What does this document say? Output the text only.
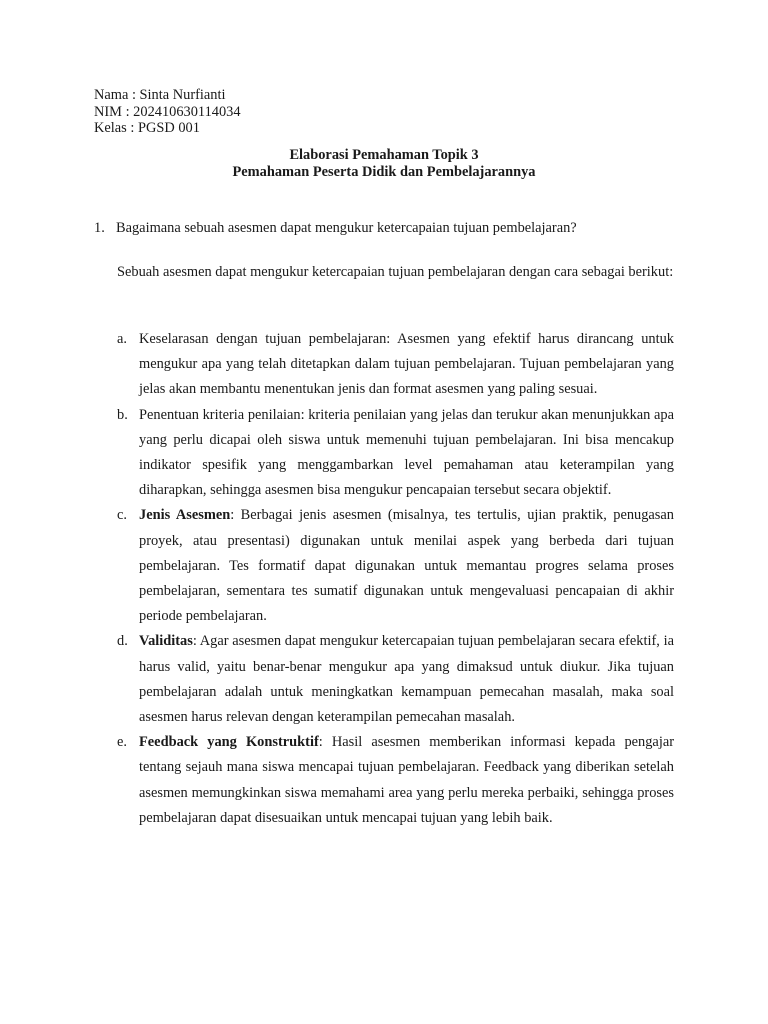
Nama : Sinta Nurfianti
NIM : 202410630114034
Kelas : PGSD 001
Elaborasi Pemahaman Topik 3
Pemahaman Peserta Didik dan Pembelajarannya
1. Bagaimana sebuah asesmen dapat mengukur ketercapaian tujuan pembelajaran?
Sebuah asesmen dapat mengukur ketercapaian tujuan pembelajaran dengan cara sebagai berikut:
a. Keselarasan dengan tujuan pembelajaran: Asesmen yang efektif harus dirancang untuk mengukur apa yang telah ditetapkan dalam tujuan pembelajaran. Tujuan pembelajaran yang jelas akan membantu menentukan jenis dan format asesmen yang paling sesuai.
b. Penentuan kriteria penilaian: kriteria penilaian yang jelas dan terukur akan menunjukkan apa yang perlu dicapai oleh siswa untuk memenuhi tujuan pembelajaran. Ini bisa mencakup indikator spesifik yang menggambarkan level pemahaman atau keterampilan yang diharapkan, sehingga asesmen bisa mengukur pencapaian tersebut secara objektif.
c. Jenis Asesmen: Berbagai jenis asesmen (misalnya, tes tertulis, ujian praktik, penugasan proyek, atau presentasi) digunakan untuk menilai aspek yang berbeda dari tujuan pembelajaran. Tes formatif dapat digunakan untuk memantau progres selama proses pembelajaran, sementara tes sumatif digunakan untuk mengevaluasi pencapaian di akhir periode pembelajaran.
d. Validitas: Agar asesmen dapat mengukur ketercapaian tujuan pembelajaran secara efektif, ia harus valid, yaitu benar-benar mengukur apa yang dimaksud untuk diukur. Jika tujuan pembelajaran adalah untuk meningkatkan kemampuan pemecahan masalah, maka soal asesmen harus relevan dengan keterampilan pemecahan masalah.
e. Feedback yang Konstruktif: Hasil asesmen memberikan informasi kepada pengajar tentang sejauh mana siswa mencapai tujuan pembelajaran. Feedback yang diberikan setelah asesmen memungkinkan siswa memahami area yang perlu mereka perbaiki, sehingga proses pembelajaran dapat disesuaikan untuk mencapai tujuan yang lebih baik.
